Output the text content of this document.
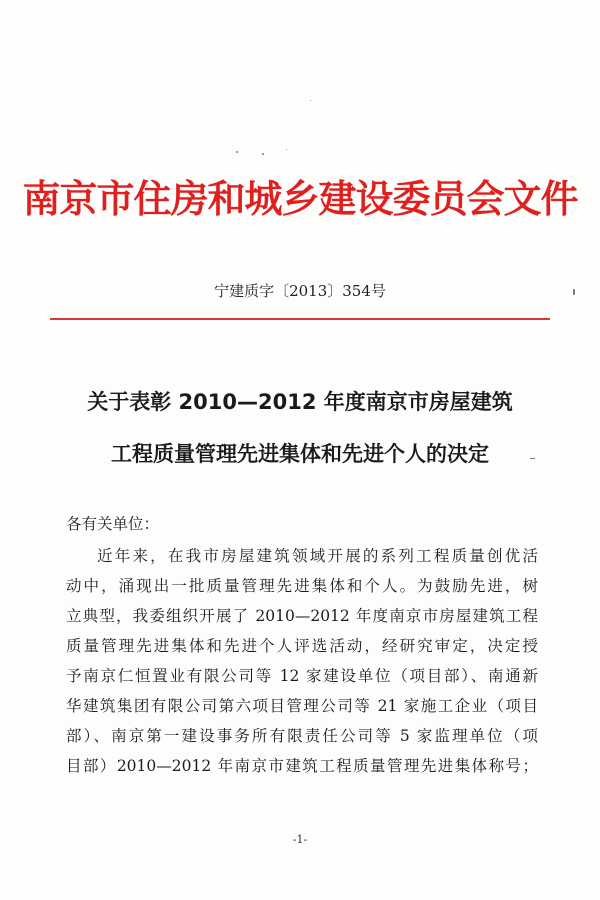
南京市住房和城乡建设委员会文件
宁建质字〔2013〕354号
关于表彰 2010—2012 年度南京市房屋建筑
工程质量管理先进集体和先进个人的决定
各有关单位：
近年来，在我市房屋建筑领域开展的系列工程质量创优活
动中，涌现出一批质量管理先进集体和个人。为鼓励先进，树
立典型，我委组织开展了 2010—2012 年度南京市房屋建筑工程
质量管理先进集体和先进个人评选活动，经研究审定，决定授
予南京仁恒置业有限公司等 12 家建设单位（项目部）、南通新
华建筑集团有限公司第六项目管理公司等 21 家施工企业（项目
部）、南京第一建设事务所有限责任公司等 5 家监理单位（项
目部）2010—2012 年南京市建筑工程质量管理先进集体称号；
-1-
